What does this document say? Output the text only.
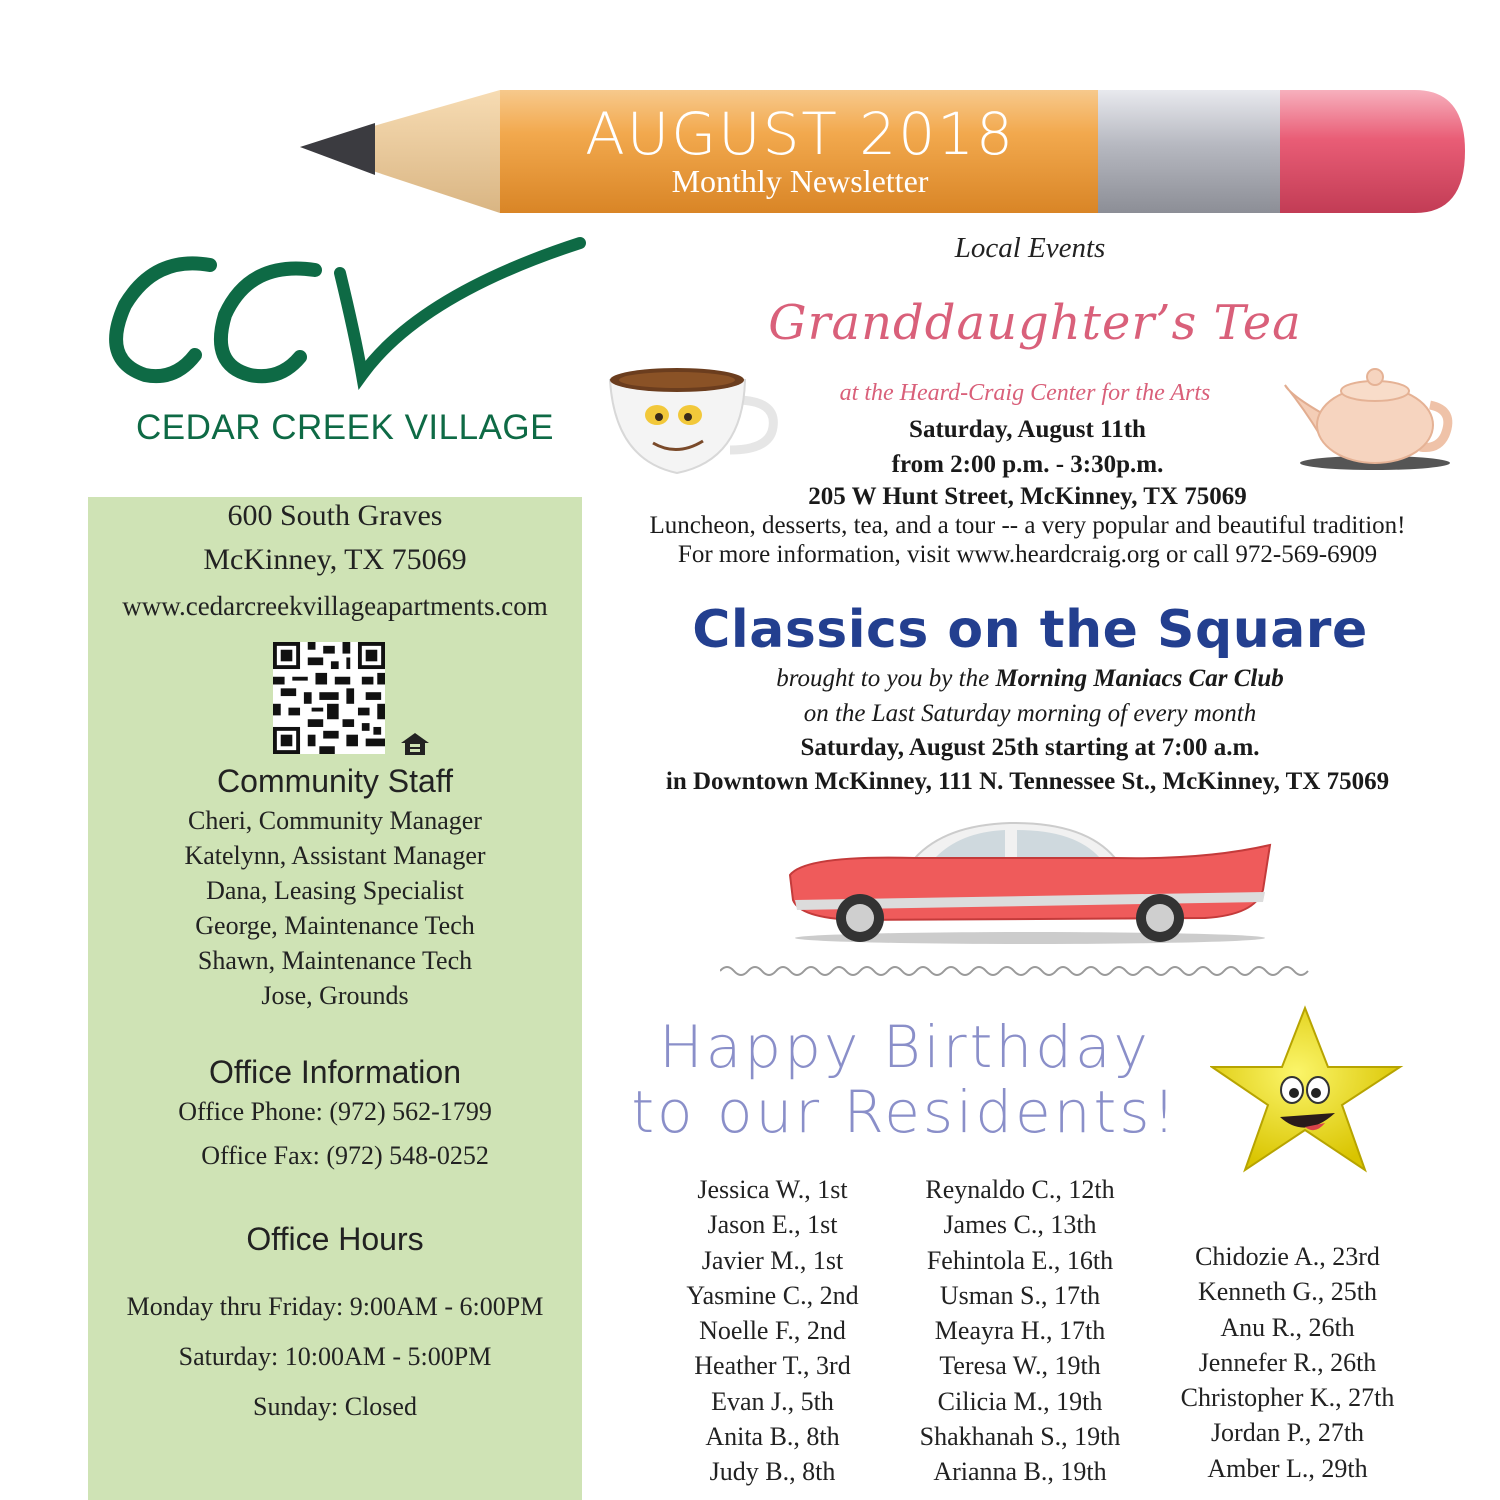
AUGUST 2018
Monthly Newsletter
CEDAR CREEK VILLAGE
600 South Graves
McKinney, TX 75069
www.cedarcreekvillageapartments.com
Community Staff
Cheri, Community Manager
Katelynn, Assistant Manager
Dana, Leasing Specialist
George, Maintenance Tech
Shawn, Maintenance Tech
Jose, Grounds
Office Information
Office Phone: (972) 562-1799
Office Fax: (972) 548-0252
Office Hours
Monday thru Friday: 9:00AM - 6:00PM
Saturday: 10:00AM - 5:00PM
Sunday: Closed
Local Events
Granddaughter’s Tea
at the Heard-Craig Center for the Arts
Saturday, August 11th
from 2:00 p.m. - 3:30p.m.
205 W Hunt Street, McKinney, TX 75069
Luncheon, desserts, tea, and a tour -- a very popular and beautiful tradition!
For more information, visit www.heardcraig.org or call 972-569-6909
Classics on the Square
brought to you by the Morning Maniacs Car Club
on the Last Saturday morning of every month
Saturday, August 25th starting at 7:00 a.m.
in Downtown McKinney, 111 N. Tennessee St., McKinney, TX 75069
Happy Birthday
to our Residents!
Jessica W., 1st
Jason E., 1st
Javier M., 1st
Yasmine C., 2nd
Noelle F., 2nd
Heather T., 3rd
Evan J., 5th
Anita B., 8th
Judy B., 8th
Reynaldo C., 12th
James C., 13th
Fehintola E., 16th
Usman S., 17th
Meayra H., 17th
Teresa W., 19th
Cilicia M., 19th
Shakhanah S., 19th
Arianna B., 19th
Chidozie A., 23rd
Kenneth G., 25th
Anu R., 26th
Jennefer R., 26th
Christopher K., 27th
Jordan P., 27th
Amber L., 29th
